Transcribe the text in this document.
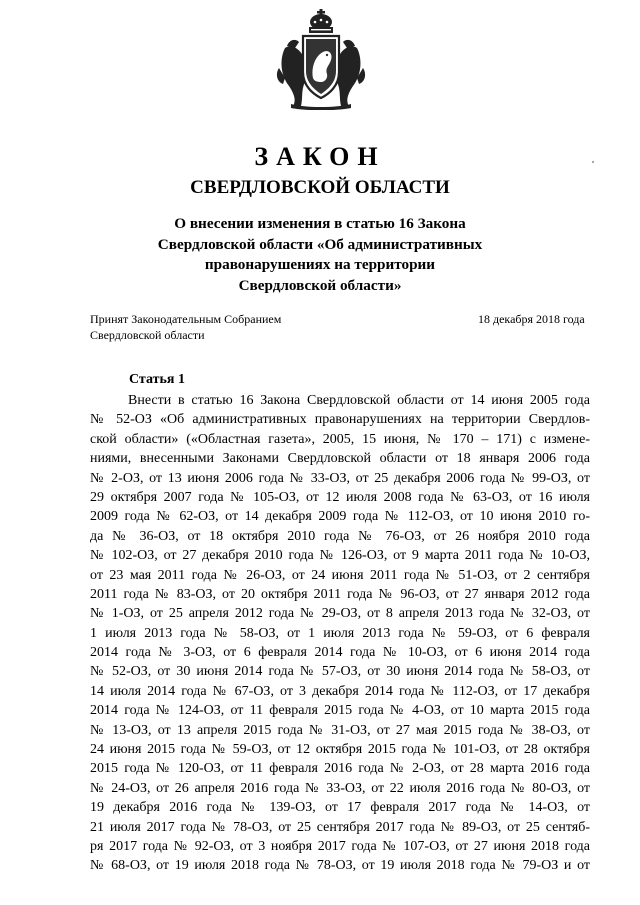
ЗАКОН
СВЕРДЛОВСКОЙ ОБЛАСТИ
О внесении изменения в статью 16 Закона
Свердловской области «Об административных
правонарушениях на территории
Свердловской области»
Принят Законодательным Собранием
Свердловской области
18 декабря 2018 года
Статья 1
Внести в статью 16 Закона Свердловской области от 14 июня 2005 года
№ 52-ОЗ «Об административных правонарушениях на территории Свердлов-
ской области» («Областная газета», 2005, 15 июня, № 170 – 171) с измене-
ниями, внесенными Законами Свердловской области от 18 января 2006 года
№ 2-ОЗ, от 13 июня 2006 года № 33-ОЗ, от 25 декабря 2006 года № 99-ОЗ, от
29 октября 2007 года № 105-ОЗ, от 12 июля 2008 года № 63-ОЗ, от 16 июля
2009 года № 62-ОЗ, от 14 декабря 2009 года № 112-ОЗ, от 10 июня 2010 го-
да № 36-ОЗ, от 18 октября 2010 года № 76-ОЗ, от 26 ноября 2010 года
№ 102-ОЗ, от 27 декабря 2010 года № 126-ОЗ, от 9 марта 2011 года № 10-ОЗ,
от 23 мая 2011 года № 26-ОЗ, от 24 июня 2011 года № 51-ОЗ, от 2 сентября
2011 года № 83-ОЗ, от 20 октября 2011 года № 96-ОЗ, от 27 января 2012 года
№ 1-ОЗ, от 25 апреля 2012 года № 29-ОЗ, от 8 апреля 2013 года № 32-ОЗ, от
1 июля 2013 года № 58-ОЗ, от 1 июля 2013 года № 59-ОЗ, от 6 февраля
2014 года № 3-ОЗ, от 6 февраля 2014 года № 10-ОЗ, от 6 июня 2014 года
№ 52-ОЗ, от 30 июня 2014 года № 57-ОЗ, от 30 июня 2014 года № 58-ОЗ, от
14 июля 2014 года № 67-ОЗ, от 3 декабря 2014 года № 112-ОЗ, от 17 декабря
2014 года № 124-ОЗ, от 11 февраля 2015 года № 4-ОЗ, от 10 марта 2015 года
№ 13-ОЗ, от 13 апреля 2015 года № 31-ОЗ, от 27 мая 2015 года № 38-ОЗ, от
24 июня 2015 года № 59-ОЗ, от 12 октября 2015 года № 101-ОЗ, от 28 октября
2015 года № 120-ОЗ, от 11 февраля 2016 года № 2-ОЗ, от 28 марта 2016 года
№ 24-ОЗ, от 26 апреля 2016 года № 33-ОЗ, от 22 июля 2016 года № 80-ОЗ, от
19 декабря 2016 года № 139-ОЗ, от 17 февраля 2017 года № 14-ОЗ, от
21 июля 2017 года № 78-ОЗ, от 25 сентября 2017 года № 89-ОЗ, от 25 сентяб-
ря 2017 года № 92-ОЗ, от 3 ноября 2017 года № 107-ОЗ, от 27 июня 2018 года
№ 68-ОЗ, от 19 июля 2018 года № 78-ОЗ, от 19 июля 2018 года № 79-ОЗ и от
